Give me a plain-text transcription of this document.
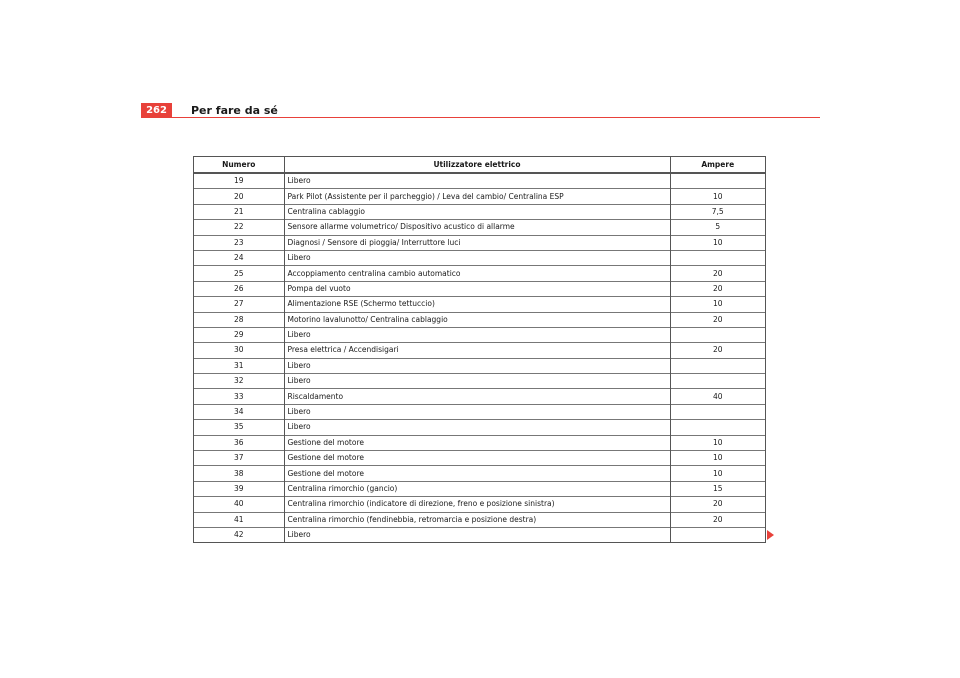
262	Per fare da sé
Numero	Utilizzatore elettrico	Ampere
19	Libero	
20	Park Pilot (Assistente per il parcheggio) / Leva del cambio/ Centralina ESP	10
21	Centralina cablaggio	7,5
22	Sensore allarme volumetrico/ Dispositivo acustico di allarme	5
23	Diagnosi / Sensore di pioggia/ Interruttore luci	10
24	Libero	
25	Accoppiamento centralina cambio automatico	20
26	Pompa del vuoto	20
27	Alimentazione RSE (Schermo tettuccio)	10
28	Motorino lavalunotto/ Centralina cablaggio	20
29	Libero	
30	Presa elettrica / Accendisigari	20
31	Libero	
32	Libero	
33	Riscaldamento	40
34	Libero	
35	Libero	
36	Gestione del motore	10
37	Gestione del motore	10
38	Gestione del motore	10
39	Centralina rimorchio (gancio)	15
40	Centralina rimorchio (indicatore di direzione, freno e posizione sinistra)	20
41	Centralina rimorchio (fendinebbia, retromarcia e posizione destra)	20
42	Libero	
